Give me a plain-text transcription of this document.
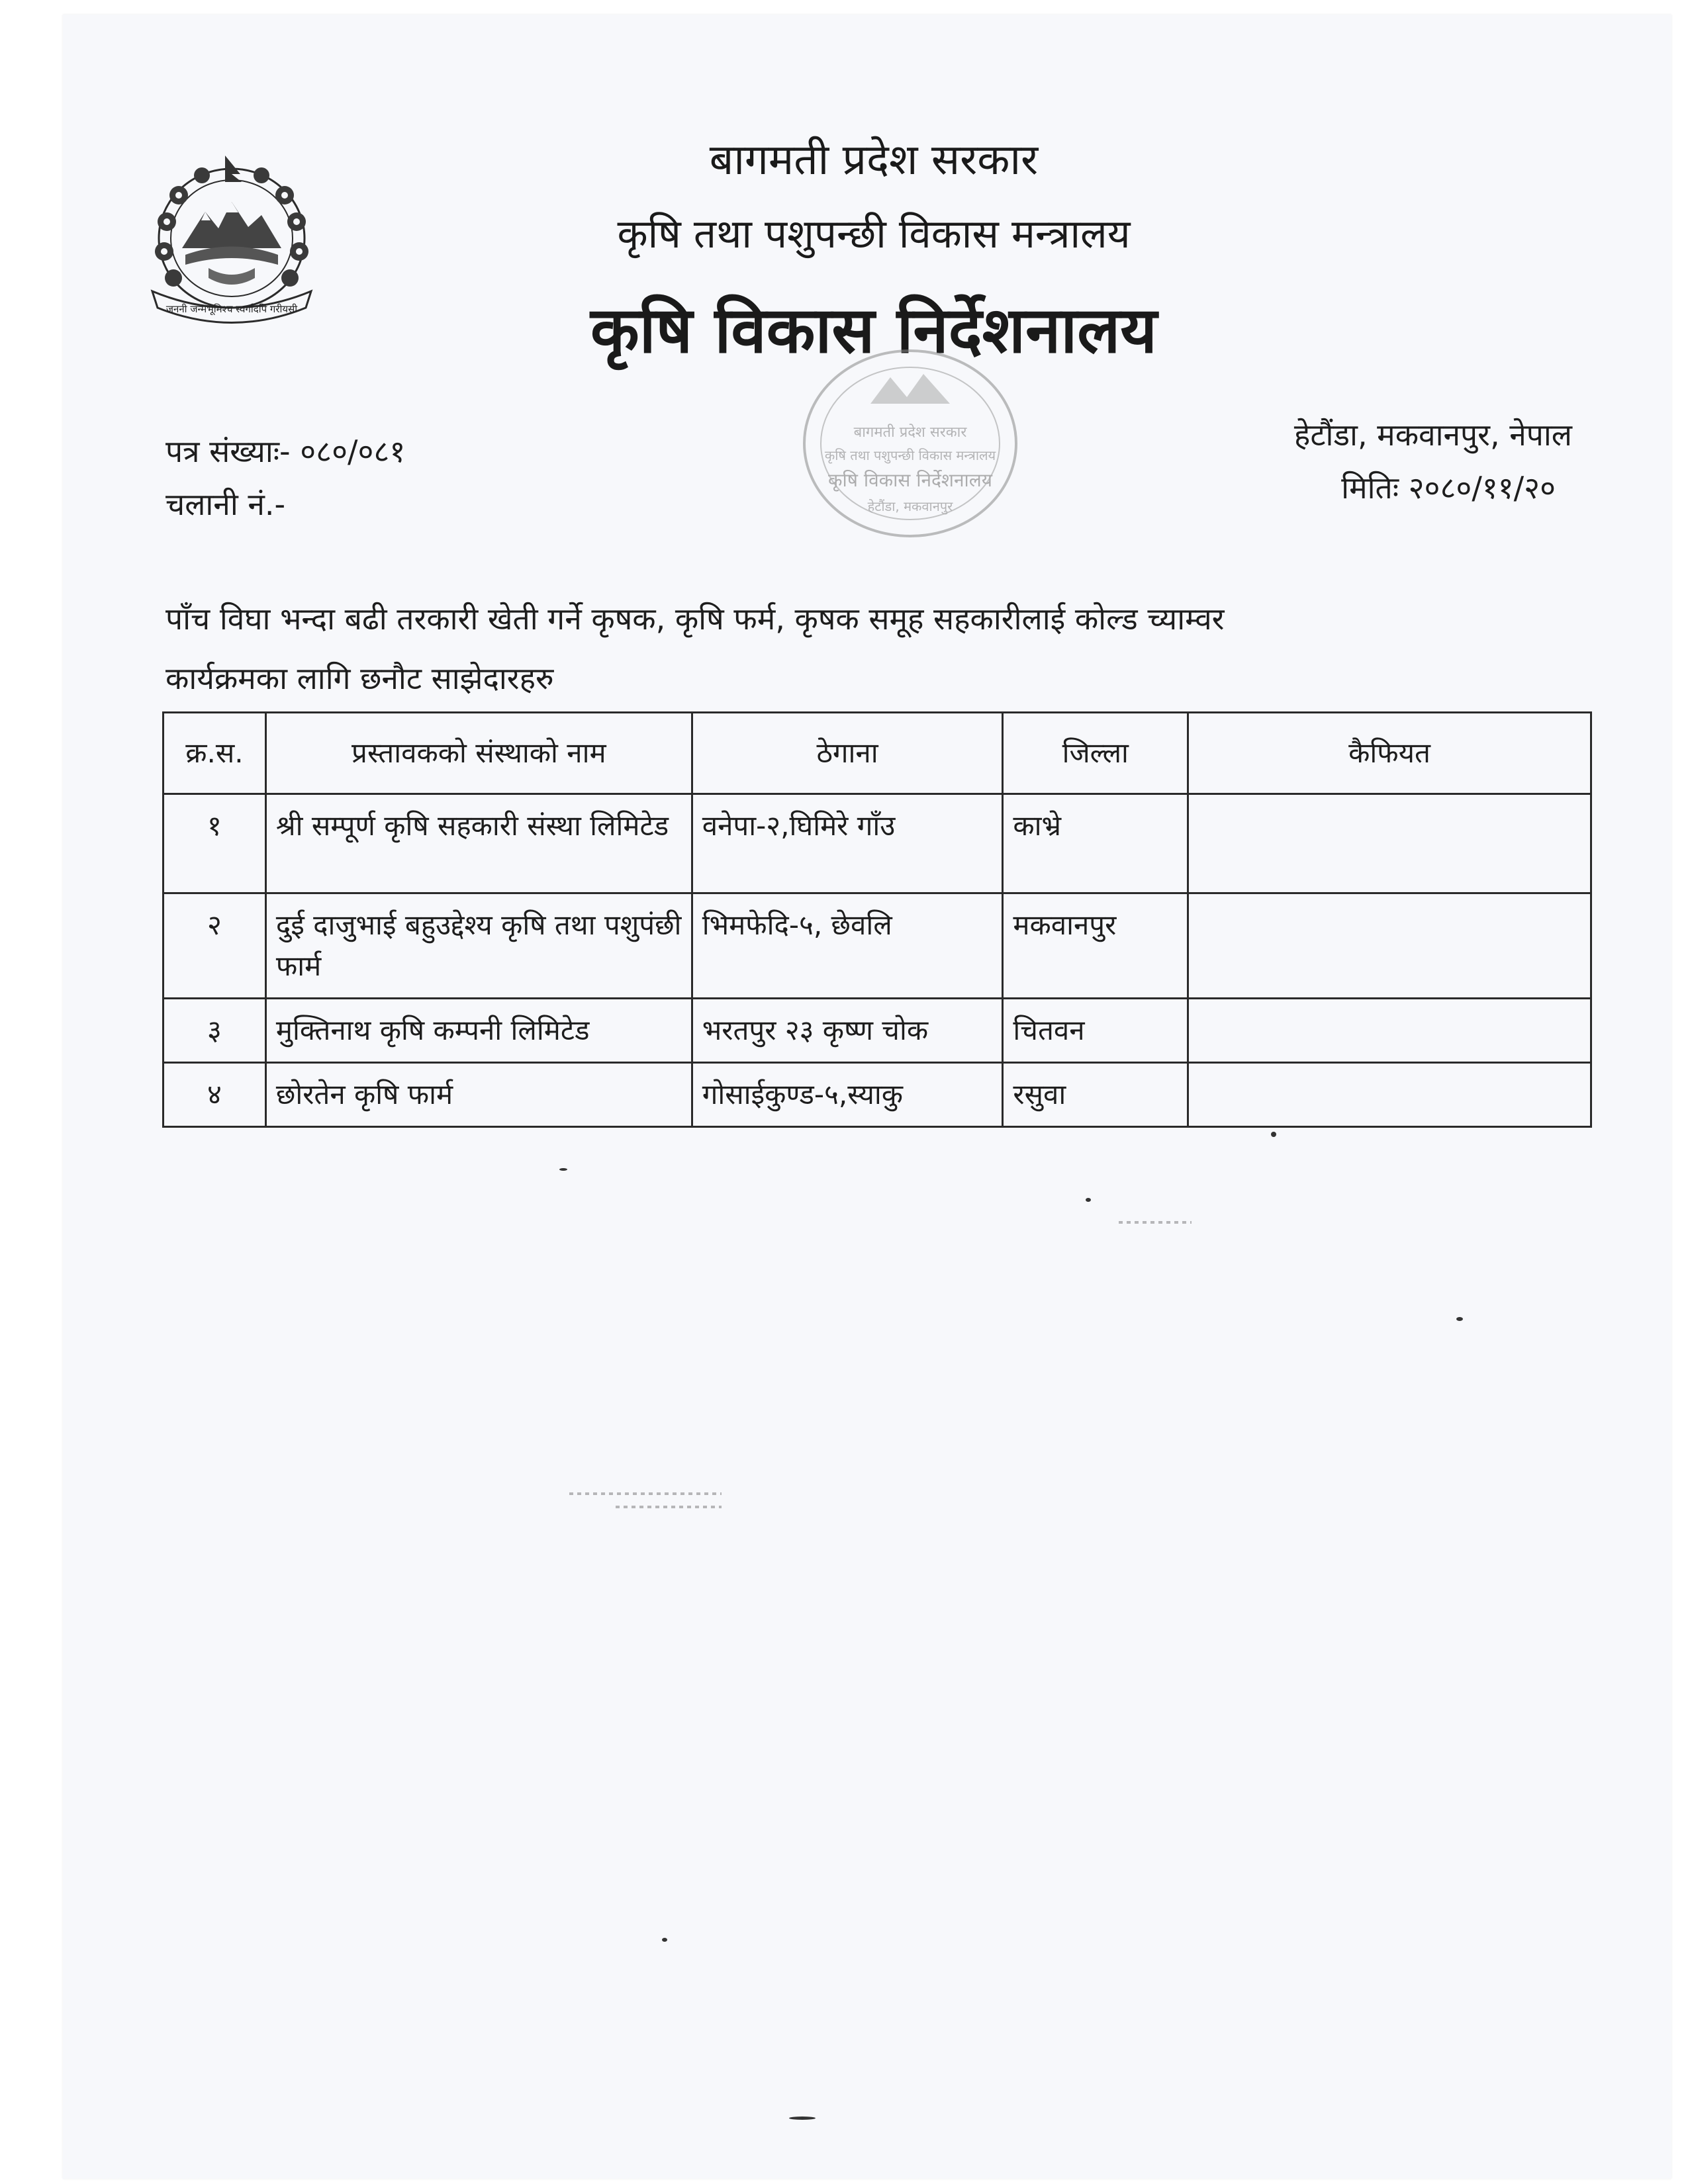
जननी जन्मभूमिश्च स्वर्गादपि गरीयसी
बागमती प्रदेश सरकार
कृषि तथा पशुपन्छी विकास मन्त्रालय
कृषि विकास निर्देशनालय
बागमती प्रदेश सरकार
कृषि तथा पशुपन्छी विकास मन्त्रालय
कृषि विकास निर्देशनालय
हेटौंडा, मकवानपुर
पत्र संख्याः- ०८०/०८१
चलानी नं.-
हेटौंडा, मकवानपुर, नेपाल
मितिः २०८०/११/२०
पाँच विघा भन्दा बढी तरकारी खेती गर्ने कृषक, कृषि फर्म, कृषक समूह सहकारीलाई कोल्ड च्याम्वर
कार्यक्रमका लागि छनौट साझेदारहरु
क्र.स.	प्रस्तावकको संस्थाको नाम	ठेगाना	जिल्ला	कैफियत
१	श्री सम्पूर्ण कृषि सहकारी संस्था लिमिटेड	वनेपा-२,घिमिरे गाँउ	काभ्रे	
२	दुई दाजुभाई बहुउद्देश्य कृषि तथा पशुपंछी फार्म	भिमफेदि-५, छेवलि	मकवानपुर	
३	मुक्तिनाथ कृषि कम्पनी लिमिटेड	भरतपुर २३ कृष्ण चोक	चितवन	
४	छोरतेन कृषि फार्म	गोसाईकुण्ड-५,स्याकु	रसुवा	
